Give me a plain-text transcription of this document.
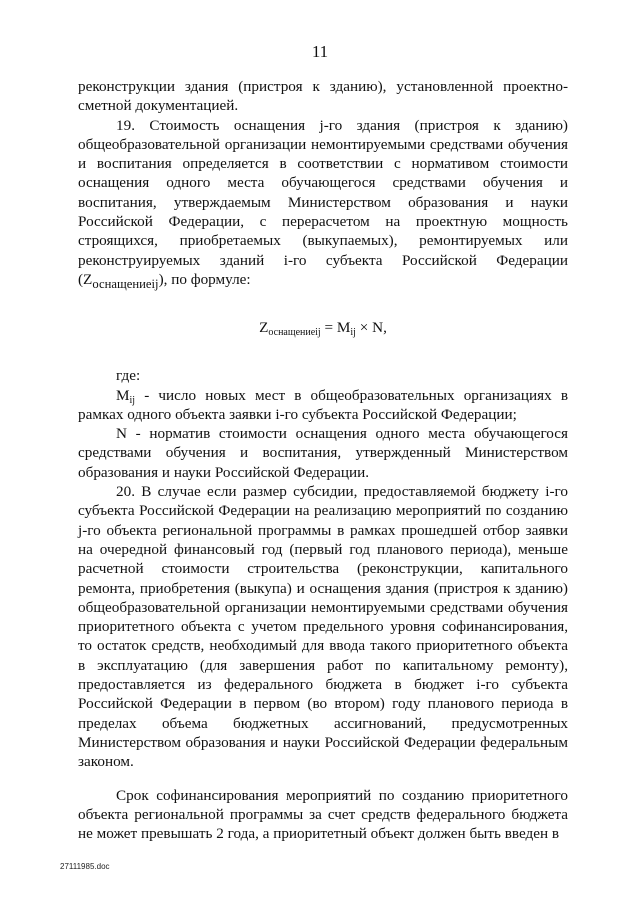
11

реконструкции здания (пристроя к зданию), установленной проектно-сметной документацией.

19. Стоимость оснащения j-го здания (пристроя к зданию) общеобразовательной организации немонтируемыми средствами обучения и воспитания определяется в соответствии с нормативом стоимости оснащения одного места обучающегося средствами обучения и воспитания, утверждаемым Министерством образования и науки Российской Федерации, с перерасчетом на проектную мощность строящихся, приобретаемых (выкупаемых), ремонтируемых или реконструируемых зданий i-го субъекта Российской Федерации $(Z_{оснащениеij})$, по формуле:

$Z_{оснащениеij} = M_{ij} \times N$,

где:

$M_{ij}$ - число новых мест в общеобразовательных организациях в рамках одного объекта заявки i-го субъекта Российской Федерации;

N - норматив стоимости оснащения одного места обучающегося средствами обучения и воспитания, утвержденный Министерством образования и науки Российской Федерации.

20. В случае если размер субсидии, предоставляемой бюджету i-го субъекта Российской Федерации на реализацию мероприятий по созданию j-го объекта региональной программы в рамках прошедшей отбор заявки на очередной финансовый год (первый год планового периода), меньше расчетной стоимости строительства (реконструкции, капитального ремонта, приобретения (выкупа) и оснащения здания (пристроя к зданию) общеобразовательной организации немонтируемыми средствами обучения приоритетного объекта с учетом предельного уровня софинансирования, то остаток средств, необходимый для ввода такого приоритетного объекта в эксплуатацию (для завершения работ по капитальному ремонту), предоставляется из федерального бюджета в бюджет i-го субъекта Российской Федерации в первом (во втором) году планового периода в пределах объема бюджетных ассигнований, предусмотренных Министерством образования и науки Российской Федерации федеральным законом.

Срок софинансирования мероприятий по созданию приоритетного объекта региональной программы за счет средств федерального бюджета не может превышать 2 года, а приоритетный объект должен быть введен в

27111985.doc
